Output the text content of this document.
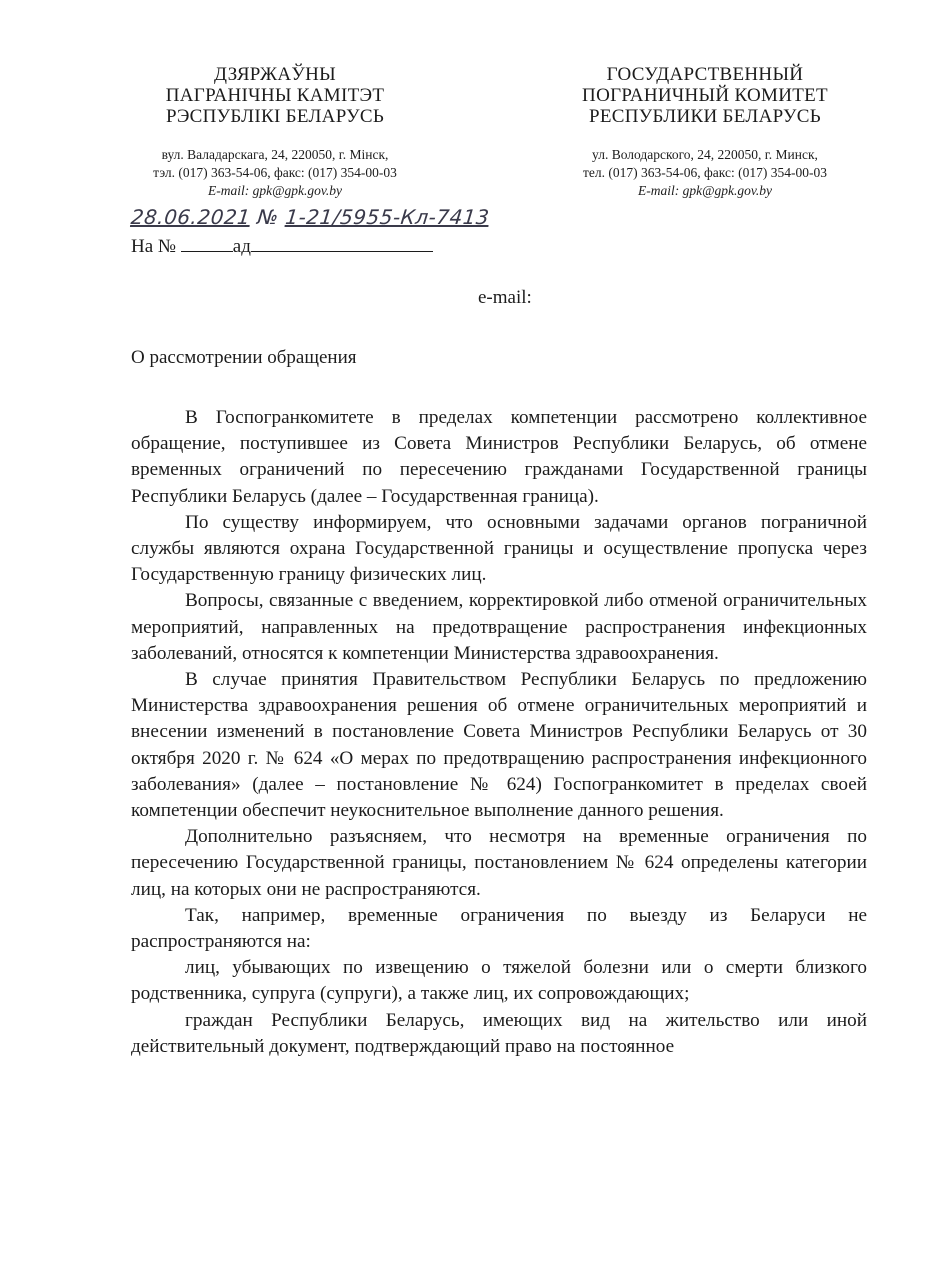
ДЗЯРЖАЎНЫ
ПАГРАНІЧНЫ КАМІТЭТ
РЭСПУБЛІКІ БЕЛАРУСЬ
вул. Валадарскага, 24, 220050, г. Мінск,
тэл. (017) 363-54-06, факс: (017) 354-00-03
E-mail: gpk@gpk.gov.by
ГОСУДАРСТВЕННЫЙ
ПОГРАНИЧНЫЙ КОМИТЕТ
РЕСПУБЛИКИ БЕЛАРУСЬ
ул. Володарского, 24, 220050, г. Минск,
тел. (017) 363-54-06, факс: (017) 354-00-03
E-mail: gpk@gpk.gov.by
28.06.2021 № 1-21/5955-Кл-7413
На №	ад
e-mail:
О рассмотрении обращения

В Госпогранкомитете в пределах компетенции рассмотрено коллективное обращение, поступившее из Совета Министров Республики Беларусь, об отмене временных ограничений по пересечению гражданами Государственной границы Республики Беларусь (далее – Государственная граница).

По существу информируем, что основными задачами органов пограничной службы являются охрана Государственной границы и осуществление пропуска через Государственную границу физических лиц.

Вопросы, связанные с введением, корректировкой либо отменой ограничительных мероприятий, направленных на предотвращение распространения инфекционных заболеваний, относятся к компетенции Министерства здравоохранения.

В случае принятия Правительством Республики Беларусь по предложению Министерства здравоохранения решения об отмене ограничительных мероприятий и внесении изменений в постановление Совета Министров Республики Беларусь от 30 октября 2020 г. № 624 «О мерах по предотвращению распространения инфекционного заболевания» (далее – постановление № 624) Госпогранкомитет в пределах своей компетенции обеспечит неукоснительное выполнение данного решения.

Дополнительно разъясняем, что несмотря на временные ограничения по пересечению Государственной границы, постановлением № 624 определены категории лиц, на которых они не распространяются.

Так, например, временные ограничения по выезду из Беларуси не распространяются на:

лиц, убывающих по извещению о тяжелой болезни или о смерти близкого родственника, супруга (супруги), а также лиц, их сопровождающих;

граждан Республики Беларусь, имеющих вид на жительство или иной действительный документ, подтверждающий право на постоянное
